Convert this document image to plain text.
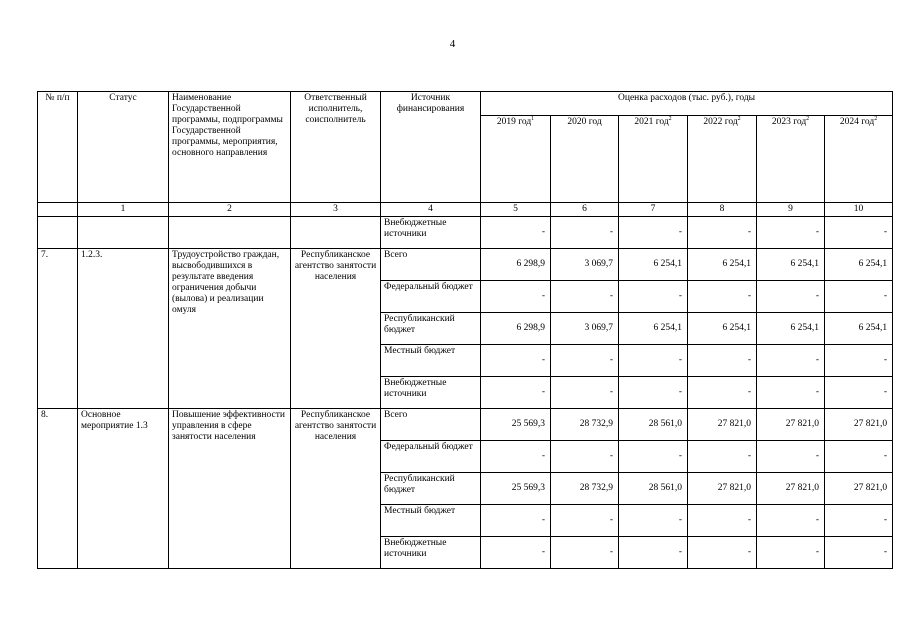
4
№ п/п	Статус	Наименование Государственной программы, подпрограммы Государственной программы, мероприятия, основного направления	Ответственный исполнитель, соисполнитель	Источник финансирования	Оценка расходов (тыс. руб.), годы					
					2019 год$^1$	2020 год	2021 год$^2$	2022 год$^2$	2023 год$^2$	2024 год$^2$
	1	2	3	4	5	6	7	8	9	10
				Внебюджетные источники	-	-	-	-	-	-
7.	1.2.3.	Трудоустройство граждан, высвободившихся в результате введения ограничения добычи (вылова) и реализации омуля	Республиканское агентство занятости населения	Всего	6 298,9	3 069,7	6 254,1	6 254,1	6 254,1	6 254,1
				Федеральный бюджет	-	-	-	-	-	-
				Республиканский бюджет	6 298,9	3 069,7	6 254,1	6 254,1	6 254,1	6 254,1
				Местный бюджет	-	-	-	-	-	-
				Внебюджетные источники	-	-	-	-	-	-
8.	Основное мероприятие 1.3	Повышение эффективности управления в сфере занятости населения	Республиканское агентство занятости населения	Всего	25 569,3	28 732,9	28 561,0	27 821,0	27 821,0	27 821,0
				Федеральный бюджет	-	-	-	-	-	-
				Республиканский бюджет	25 569,3	28 732,9	28 561,0	27 821,0	27 821,0	27 821,0
				Местный бюджет	-	-	-	-	-	-
				Внебюджетные источники	-	-	-	-	-	-
